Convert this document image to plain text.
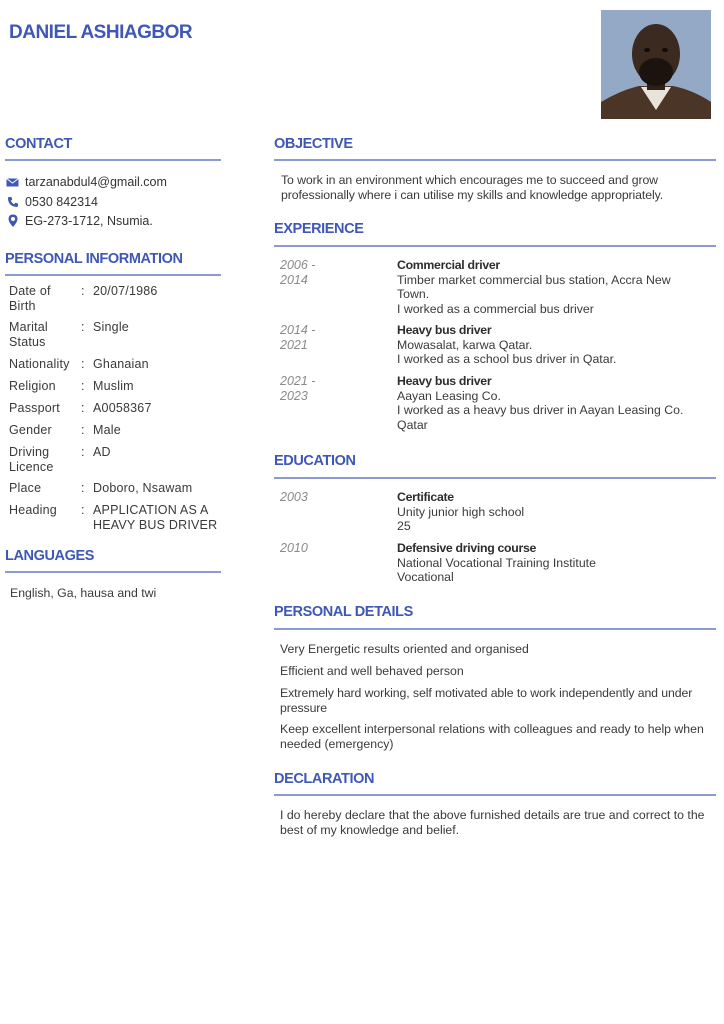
DANIEL ASHIAGBOR
CONTACT
tarzanabdul4@gmail.com
0530 842314
EG-273-1712, Nsumia.
PERSONAL INFORMATION
Date of Birth
: 20/07/1986
Marital Status
: Single
Nationality : Ghanaian
Religion	: Muslim
Passport	: A0058367
Gender	: Male
Driving Licence
: AD
Place	: Doboro, Nsawam
Heading	: APPLICATION AS A HEAVY BUS DRIVER
LANGUAGES
English, Ga, hausa and twi
OBJECTIVE
To work in an environment which encourages me to succeed and grow professionally where i can utilise my skills and knowledge appropriately.
EXPERIENCE
2006 - 2014
Commercial driver
Timber market commercial bus station, Accra New Town.
I worked as a commercial bus driver
2014 - 2021
Heavy bus driver
Mowasalat, karwa Qatar.
I worked as a school bus driver in Qatar.
2021 - 2023
Heavy bus driver
Aayan Leasing Co.
I worked as a heavy bus driver in Aayan Leasing Co. Qatar
EDUCATION
2003	Certificate
Unity junior high school
25
2010	Defensive driving course
National Vocational Training Institute
Vocational
PERSONAL DETAILS
Very Energetic results oriented and organised
Efficient and well behaved person
Extremely hard working, self motivated able to work independently and under pressure
Keep excellent interpersonal relations with colleagues and ready to help when needed (emergency)
DECLARATION
I do hereby declare that the above furnished details are true and correct to the best of my knowledge and belief.
